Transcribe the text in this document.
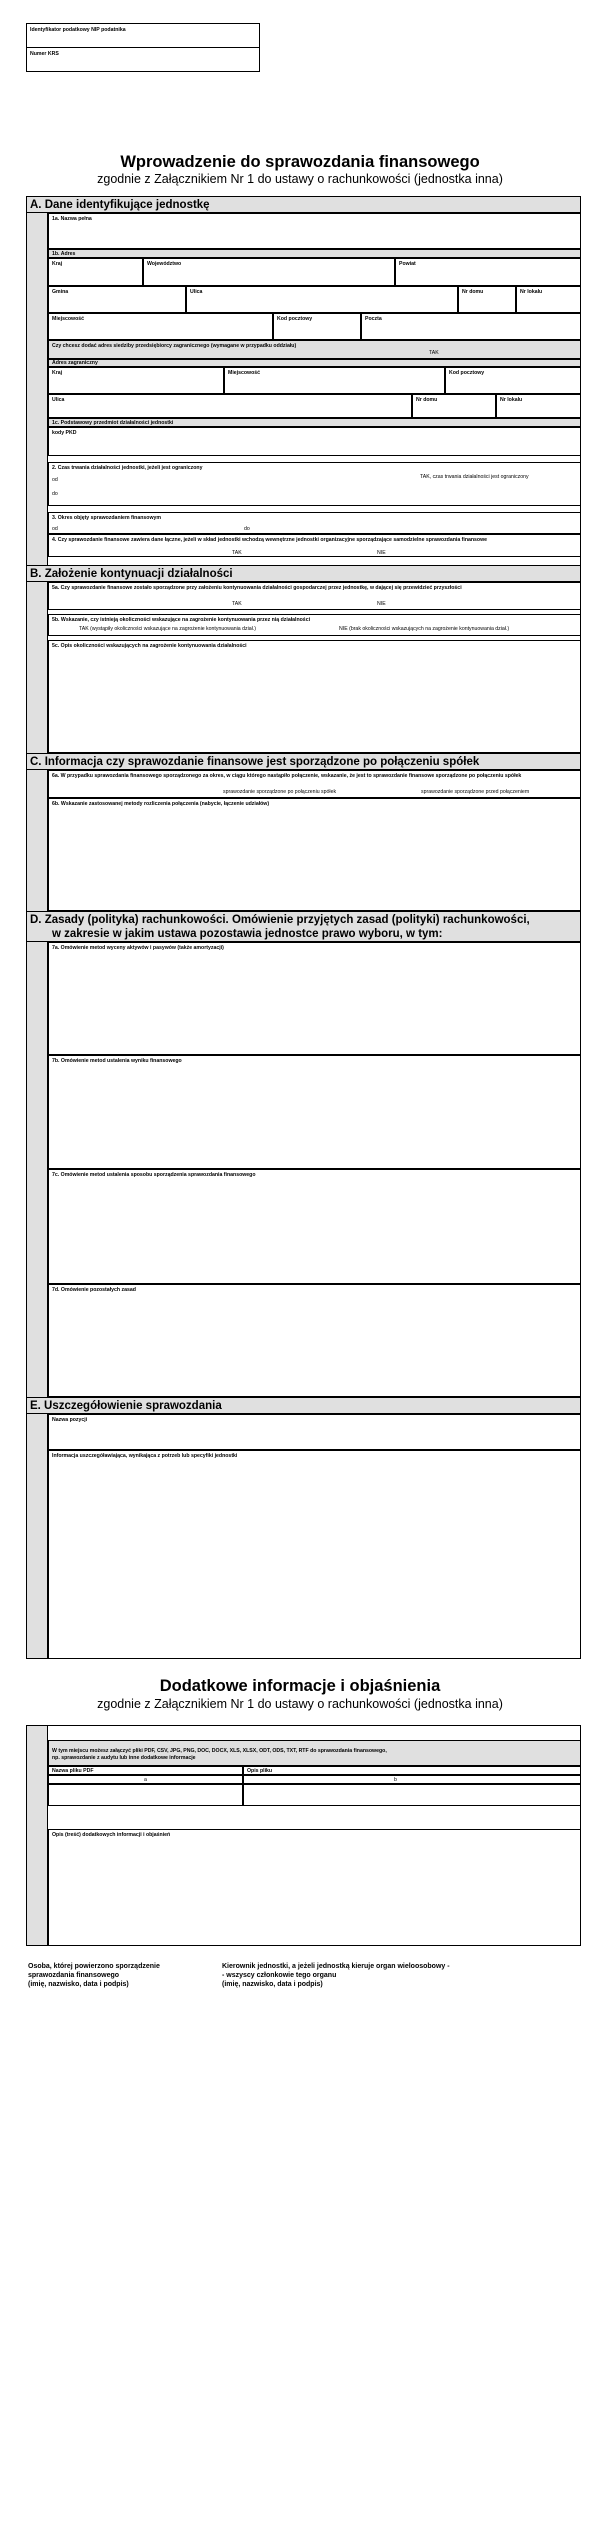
Identyfikator podatkowy NIP podatnika
Numer KRS
Wprowadzenie do sprawozdania finansowego
zgodnie z Załącznikiem Nr 1 do ustawy o rachunkowości (jednostka inna)
A. Dane identyfikujące jednostkę
1a. Nazwa pełna
1b. Adres
Kraj	Województwo	Powiat
Gmina	Ulica	Nr domu	Nr lokalu
Miejscowość	Kod pocztowy	Poczta
Czy chcesz dodać adres siedziby przedsiębiorcy zagranicznego (wymagane w przypadku oddziału)
TAK
Adres zagraniczny
Kraj	Miejscowość	Kod pocztowy
Ulica	Nr domu	Nr lokalu
1c. Podstawowy przedmiot działalności jednostki
kody PKD
2. Czas trwania działalności jednostki, jeżeli jest ograniczony
TAK, czas trwania działalności jest ograniczony
od
do
3. Okres objęty sprawozdaniem finansowym
od	do
4. Czy sprawozdanie finansowe zawiera dane łączne, jeżeli w skład jednostki wchodzą wewnętrzne jednostki organizacyjne sporządzające samodzielne sprawozdania finansowe
TAK	NIE
B. Założenie kontynuacji działalności
5a. Czy sprawozdanie finansowe zostało sporządzone przy założeniu kontynuowania działalności gospodarczej przez jednostkę, w dającej się przewidzieć przyszłości
TAK	NIE
5b. Wskazanie, czy istnieją okoliczności wskazujące na zagrożenie kontynuowania przez nią działalności
TAK (wystąpiły okoliczności wskazujące na zagrożenie kontynuowania dział.)	NIE (brak okoliczności wskazujących na zagrożenie kontynuowania dział.)
5c. Opis okoliczności wskazujących na zagrożenie kontynuowania działalności
C. Informacja czy sprawozdanie finansowe jest sporządzone po połączeniu spółek
6a. W przypadku sprawozdania finansowego sporządzonego za okres, w ciągu którego nastąpiło połączenie, wskazanie, że jest to sprawozdanie finansowe sporządzone po połączeniu spółek
sprawozdanie sporządzone po połączeniu spółek	sprawozdanie sporządzone przed połączeniem
6b. Wskazanie zastosowanej metody rozliczenia połączenia (nabycie, łączenie udziałów)
D. Zasady (polityka) rachunkowości. Omówienie przyjętych zasad (polityki) rachunkowości,
w zakresie w jakim ustawa pozostawia jednostce prawo wyboru, w tym:
7a. Omówienie metod wyceny aktywów i pasywów (także amortyzacji)
7b. Omówienie metod ustalenia wyniku finansowego
7c. Omówienie metod ustalenia sposobu sporządzenia sprawozdania finansowego
7d. Omówienie pozostałych zasad
E. Uszczegółowienie sprawozdania
Nazwa pozycji
Informacja uszczegóławiająca, wynikająca z potrzeb lub specyfiki jednostki
Dodatkowe informacje i objaśnienia
zgodnie z Załącznikiem Nr 1 do ustawy o rachunkowości (jednostka inna)
W tym miejscu możesz załączyć pliki PDF, CSV, JPG, PNG, DOC, DOCX, XLS, XLSX, ODT, ODS, TXT, RTF do sprawozdania finansowego,
np. sprawozdanie z audytu lub inne dodatkowe informacje
Nazwa pliku PDF	Opis pliku
a	b
Opis (treść) dodatkowych informacji i objaśnień
Osoba, której powierzono sporządzenie
sprawozdania finansowego
(imię, nazwisko, data i podpis)
Kierownik jednostki, a jeżeli jednostką kieruje organ wieloosobowy -
- wszyscy członkowie tego organu
(imię, nazwisko, data i podpis)
